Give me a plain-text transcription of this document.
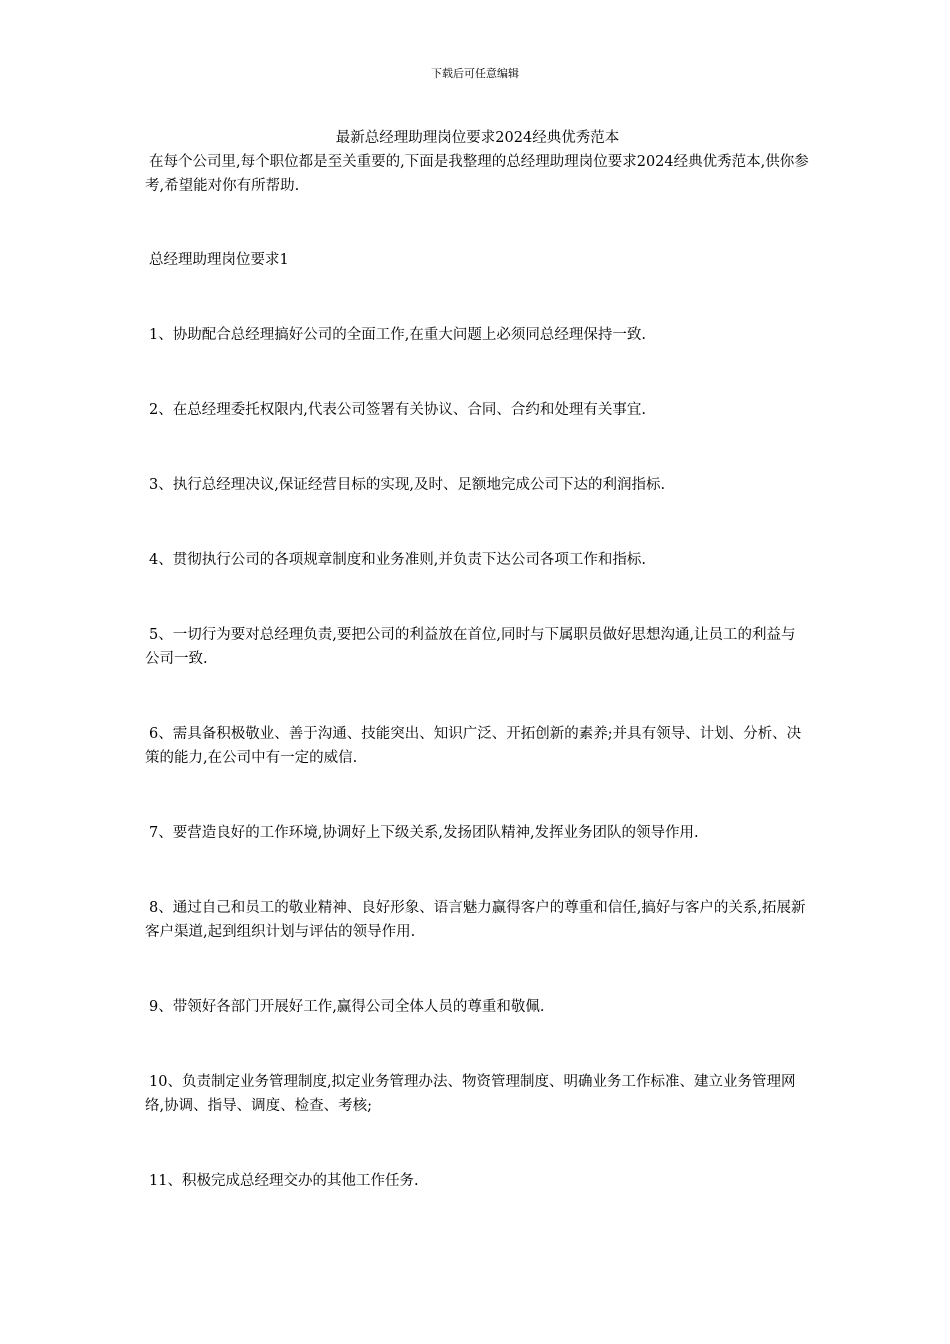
下载后可任意编辑
最新总经理助理岗位要求2024经典优秀范本

在每个公司里,每个职位都是至关重要的,下面是我整理的总经理助理岗位要求2024经典优秀范本,供你参考,希望能对你有所帮助.

总经理助理岗位要求1
1、协助配合总经理搞好公司的全面工作,在重大问题上必须同总经理保持一致.
2、在总经理委托权限内,代表公司签署有关协议、合同、合约和处理有关事宜.
3、执行总经理决议,保证经营目标的实现,及时、足额地完成公司下达的利润指标.
4、贯彻执行公司的各项规章制度和业务准则,并负责下达公司各项工作和指标.
5、一切行为要对总经理负责,要把公司的利益放在首位,同时与下属职员做好思想沟通,让员工的利益与公司一致.
6、需具备积极敬业、善于沟通、技能突出、知识广泛、开拓创新的素养;并具有领导、计划、分析、决策的能力,在公司中有一定的威信.
7、要营造良好的工作环境,协调好上下级关系,发扬团队精神,发挥业务团队的领导作用.
8、通过自己和员工的敬业精神、良好形象、语言魅力赢得客户的尊重和信任,搞好与客户的关系,拓展新客户渠道,起到组织计划与评估的领导作用.
9、带领好各部门开展好工作,赢得公司全体人员的尊重和敬佩.
10、负责制定业务管理制度,拟定业务管理办法、物资管理制度、明确业务工作标准、建立业务管理网络,协调、指导、调度、检查、考核;
11、积极完成总经理交办的其他工作任务.
